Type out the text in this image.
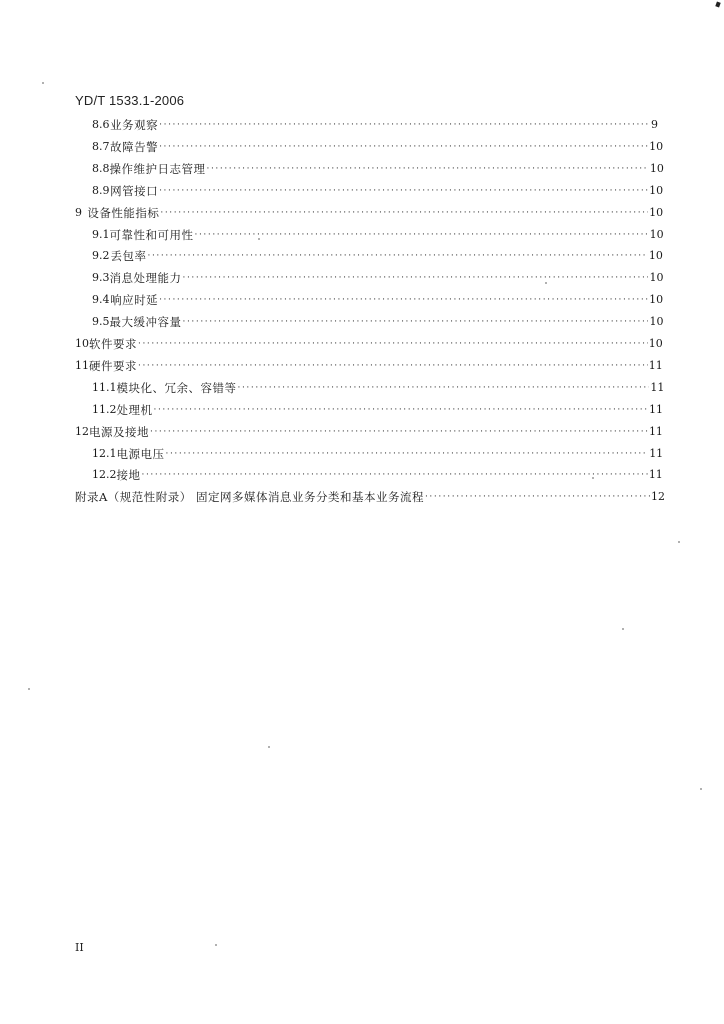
YD/T 1533.1-2006
8.6 业务观察 ·····	9
8.7 故障告警 ·····	10
8.8 操作维护日志管理 ·····	10
8.9 网管接口 ·····	10
9 设备性能指标 ·····	10
9.1 可靠性和可用性 ·····	10
9.2 丢包率 ·····	10
9.3 消息处理能力 ·····	10
9.4 响应时延 ·····	10
9.5 最大缓冲容量 ·····	10
10 软件要求 ·····	10
11 硬件要求 ·····	11
11.1 模块化、冗余、容错等 ·····	11
11.2 处理机 ·····	11
12 电源及接地 ·····	11
12.1 电源电压 ·····	11
12.2 接地 ·····	11
附录A（规范性附录） 固定网多媒体消息业务分类和基本业务流程 ·····	12
II
